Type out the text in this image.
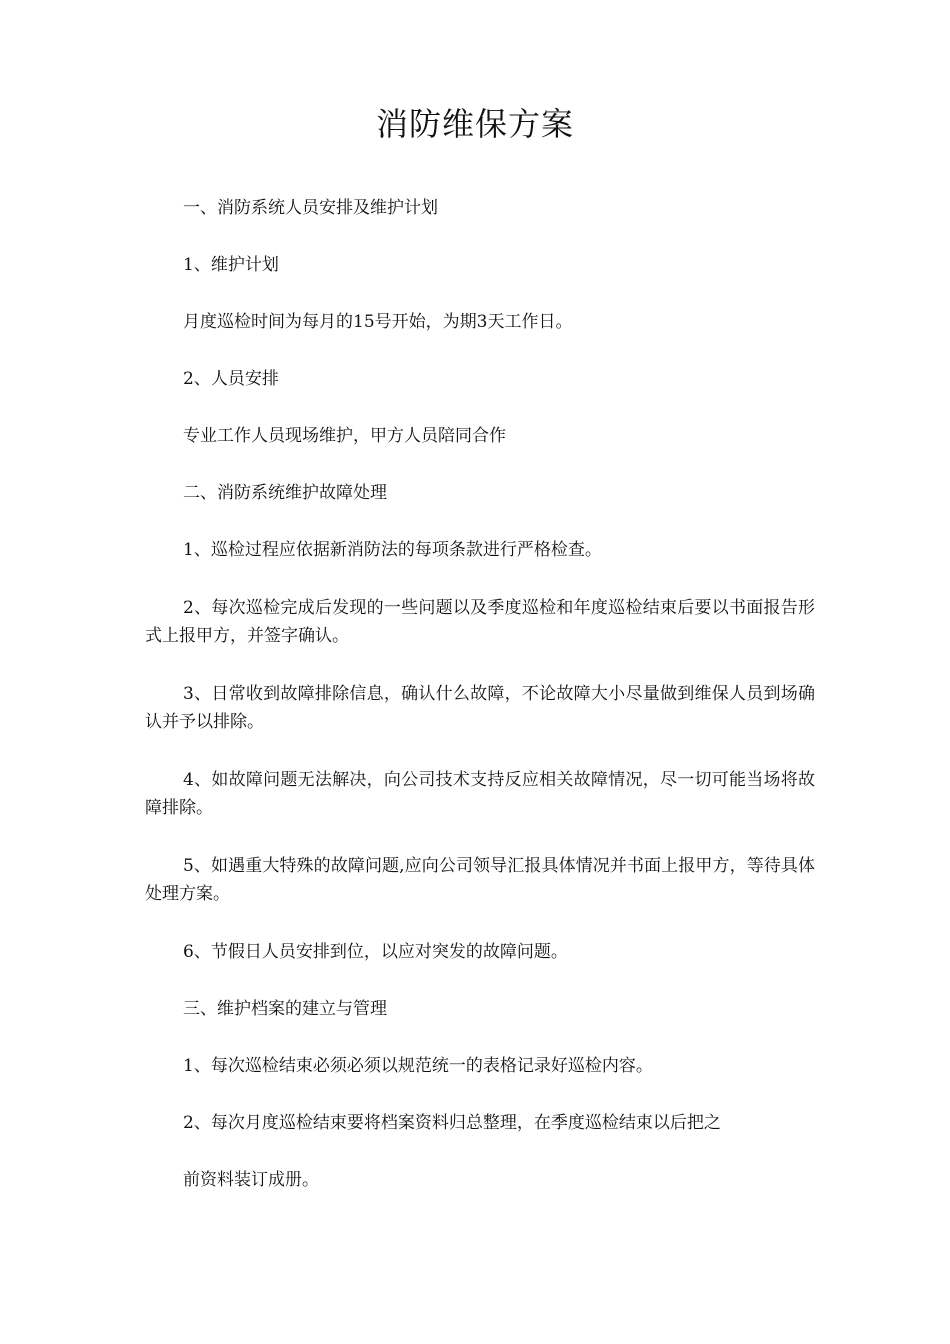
消防维保方案

一、消防系统人员安排及维护计划

1、维护计划

月度巡检时间为每月的15号开始，为期3天工作日。

2、人员安排

专业工作人员现场维护，甲方人员陪同合作

二、消防系统维护故障处理

1、巡检过程应依据新消防法的每项条款进行严格检查。

2、每次巡检完成后发现的一些问题以及季度巡检和年度巡检结束后要以书面报告形式上报甲方，并签字确认。

3、日常收到故障排除信息，确认什么故障，不论故障大小尽量做到维保人员到场确认并予以排除。

4、如故障问题无法解决，向公司技术支持反应相关故障情况，尽一切可能当场将故障排除。

5、如遇重大特殊的故障问题,应向公司领导汇报具体情况并书面上报甲方，等待具体处理方案。

6、节假日人员安排到位，以应对突发的故障问题。

三、维护档案的建立与管理

1、每次巡检结束必须必须以规范统一的表格记录好巡检内容。

2、每次月度巡检结束要将档案资料归总整理，在季度巡检结束以后把之

前资料装订成册。
